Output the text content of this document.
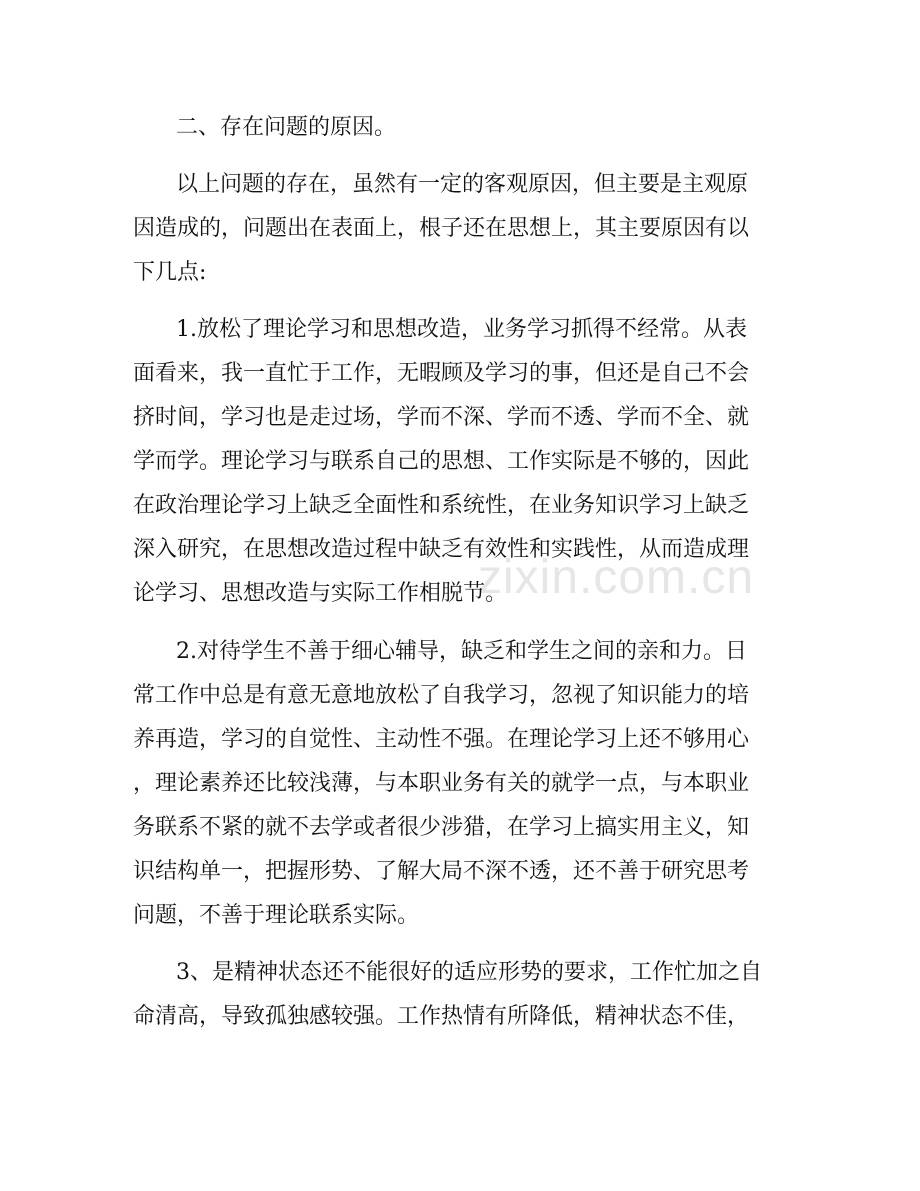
zixin.com.cn
二、存在问题的原因。
以上问题的存在，虽然有一定的客观原因，但主要是主观原
因造成的，问题出在表面上，根子还在思想上，其主要原因有以
下几点:
1.放松了理论学习和思想改造，业务学习抓得不经常。从表
面看来，我一直忙于工作，无暇顾及学习的事，但还是自己不会
挤时间，学习也是走过场，学而不深、学而不透、学而不全、就
学而学。理论学习与联系自己的思想、工作实际是不够的，因此
在政治理论学习上缺乏全面性和系统性，在业务知识学习上缺乏
深入研究，在思想改造过程中缺乏有效性和实践性，从而造成理
论学习、思想改造与实际工作相脱节。
2.对待学生不善于细心辅导，缺乏和学生之间的亲和力。日
常工作中总是有意无意地放松了自我学习，忽视了知识能力的培
养再造，学习的自觉性、主动性不强。在理论学习上还不够用心
，理论素养还比较浅薄，与本职业务有关的就学一点，与本职业
务联系不紧的就不去学或者很少涉猎，在学习上搞实用主义，知
识结构单一，把握形势、了解大局不深不透，还不善于研究思考
问题，不善于理论联系实际。
3、是精神状态还不能很好的适应形势的要求，工作忙加之自
命清高，导致孤独感较强。工作热情有所降低，精神状态不佳，
